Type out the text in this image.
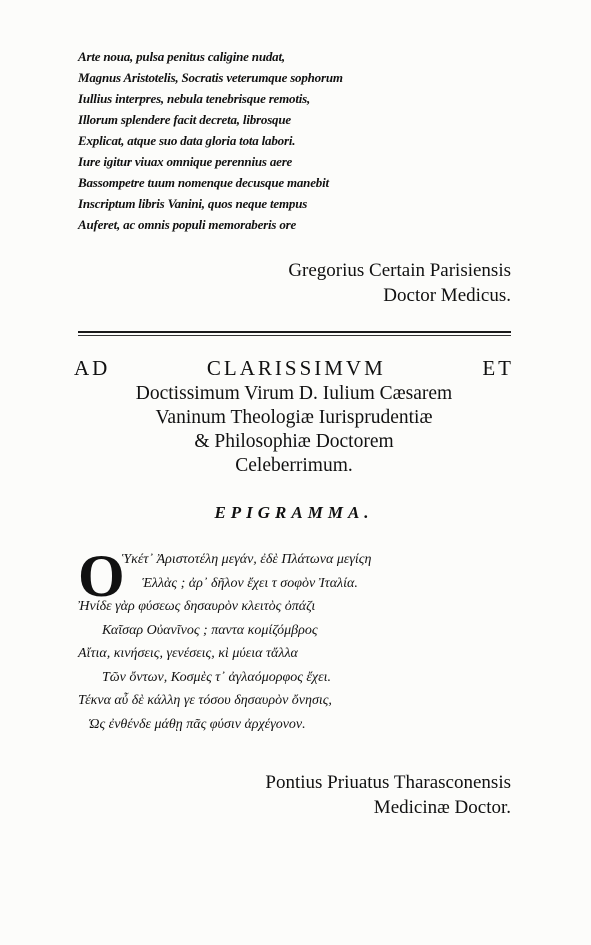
Arte noua, pulsa penitus caligine nudat,
Magnus Aristotelis, Socratis veterumque sophorum
Iullius interpres, nebula tenebrisque remotis,
Illorum splendere facit decreta, librosque
Explicat, atque suo data gloria tota labori.
Iure igitur viuax omnique perennius aere
Bassompetre tuum nomenque decusque manebit
Inscriptum libris Vanini, quos neque tempus
Auferet, ac omnis populi memoraberis ore
Gregorius Certain Parisiensis
Doctor Medicus.
AD	CLARISSIMVM	ET
Doctissimum Virum D. Iulium Cæsarem
Vaninum Theologiæ Iurisprudentiæ
& Philosophiæ Doctorem
Celeberrimum.
EPIGRAMMA.
O
Ὑκέτ᾽ Ἀριστοτέλη μεγάν, ἐδὲ Πλάτωνα μεγίςη
Ἑλλὰς ; ἀρ᾽ δῆλον ἔχει τ σοφὸν Ἰταλία.
Ἠνίδε γὰρ φύσεως δησαυρὸν κλειτὸς ὀπάζι
Καῖσαρ Οὐανῖνος ; παντα κομίζόμβρος
Αἴτια, κινήσεις, γενέσεις, κὶ μύεια τἄλλα
Τῶν ὄντων, Κοσμὲς τ᾽ ἀγλαόμορφος ἔχει.
Τέκνα αὖ δὲ κάλλη γε τόσου δησαυρὸν ὄνησις,
Ὡς ἐνθένδε μάθῃ πᾶς φύσιν ἀρχέγονον.
Pontius Priuatus Tharasconensis
Medicinæ Doctor.
